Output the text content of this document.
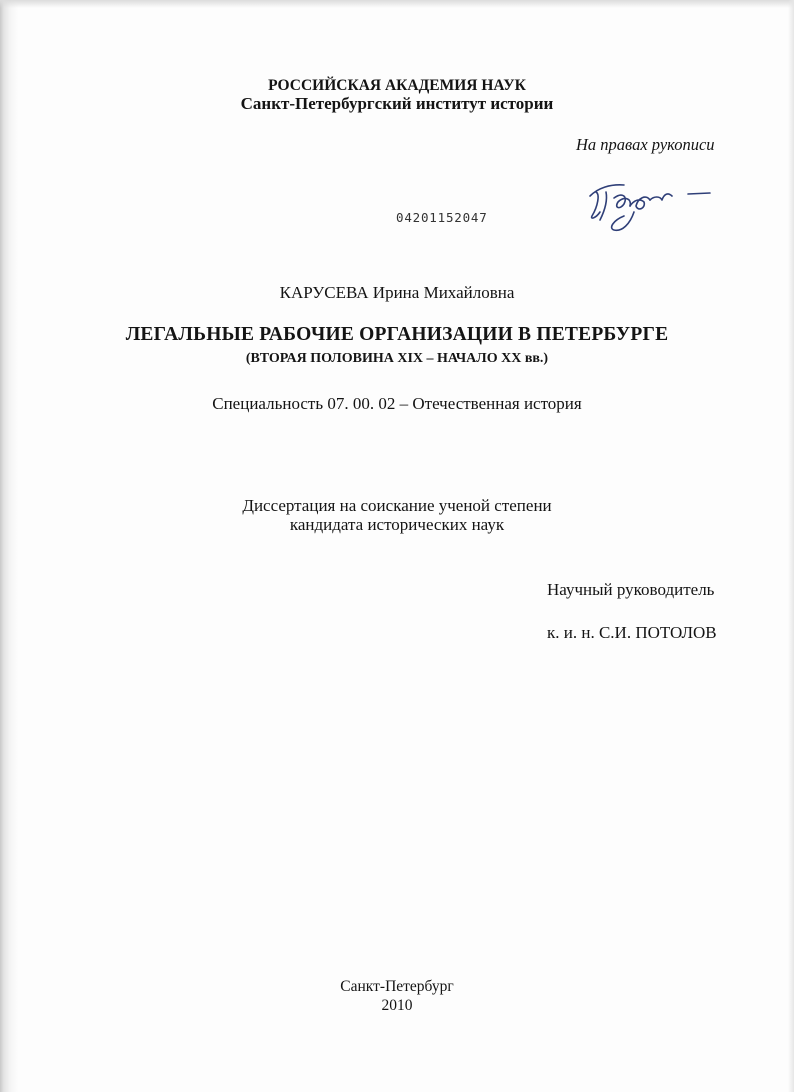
РОССИЙСКАЯ АКАДЕМИЯ НАУК
Санкт-Петербургский институт истории
На правах рукописи
04201152047
КАРУСЕВА Ирина Михайловна
ЛЕГАЛЬНЫЕ РАБОЧИЕ ОРГАНИЗАЦИИ В ПЕТЕРБУРГЕ
(ВТОРАЯ ПОЛОВИНА XIX – НАЧАЛО XX вв.)
Специальность 07. 00. 02 – Отечественная история
Диссертация на соискание ученой степени
кандидата исторических наук
Научный руководитель
к. и. н. С.И. ПОТОЛОВ
Санкт-Петербург
2010
